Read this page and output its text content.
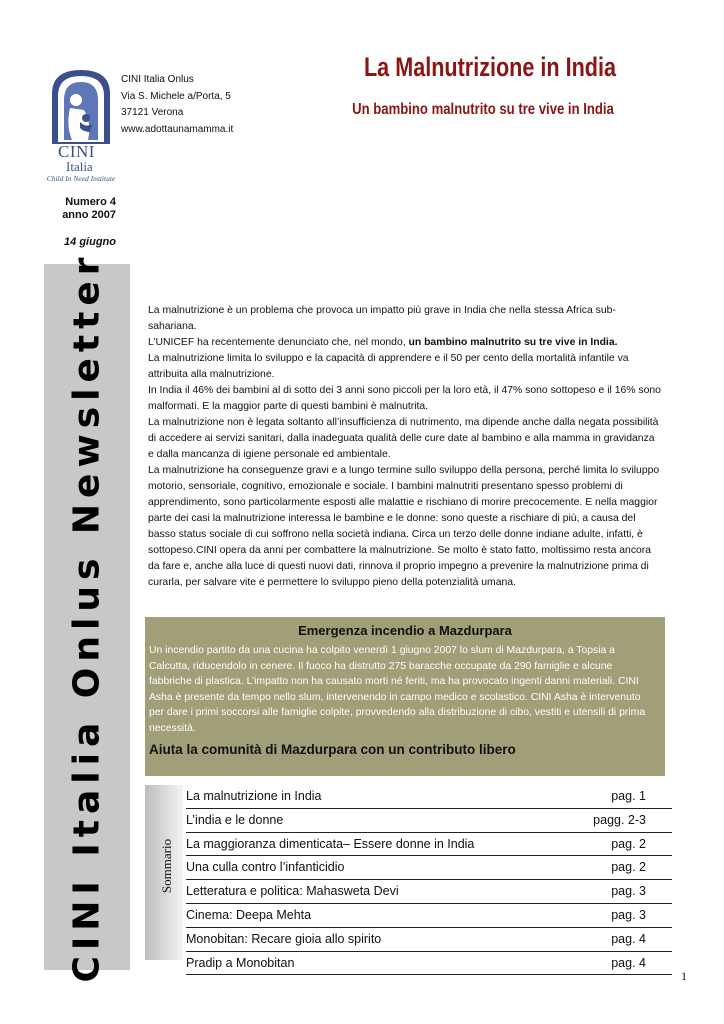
CINI
Italia
Child In Need Institute
Numero 4
anno 2007
14 giugno
CINI Italia Onlus Newsletter
CINI Italia Onlus
Via S. Michele a/Porta, 5
37121 Verona
www.adottaunamamma.it
La Malnutrizione in India
Un bambino malnutrito su tre vive in India

La malnutrizione è un problema che provoca un impatto più grave in India che nella stessa Africa sub-sahariana.

L’UNICEF ha recentemente denunciato che, nel mondo, un bambino malnutrito su tre vive in India.

La malnutrizione limita lo sviluppo e la capacità di apprendere e il 50 per cento della mortalità infantile va attribuita alla malnutrizione.

In India il 46% dei bambini al di sotto dei 3 anni sono piccoli per la loro età, il 47% sono sottopeso e il 16% sono malformati. E la maggior parte di questi bambini è malnutrita.

La malnutrizione non è legata soltanto all’insufficienza di nutrimento, ma dipende anche dalla negata possibilità di accedere ai servizi sanitari, dalla inadeguata qualità delle cure date al bambino e alla mamma in gravidanza e dalla mancanza di igiene personale ed ambientale.

La malnutrizione ha conseguenze gravi e a lungo termine sullo sviluppo della persona, perché limita lo sviluppo motorio, sensoriale, cognitivo, emozionale e sociale. I bambini malnutriti presentano spesso problemi di apprendimento, sono particolarmente esposti alle malattie e rischiano di morire precocemente. E nella maggior parte dei casi la malnutrizione interessa le bambine e le donne: sono queste a rischiare di più, a causa del basso status sociale di cui soffrono nella società indiana. Circa un terzo delle donne indiane adulte, infatti, è sottopeso.CINI opera da anni per combattere la malnutrizione. Se molto è stato fatto, moltissimo resta ancora da fare e, anche alla luce di questi nuovi dati, rinnova il proprio impegno a prevenire la malnutrizione prima di curarla, per salvare vite e permettere lo sviluppo pieno della potenzialità umana.

Emergenza incendio a Mazdurpara
Un incendio partito da una cucina ha colpito venerdì 1 giugno 2007 lo slum di Mazdurpara, a Topsia a Calcutta, riducendolo in cenere. Il fuoco ha distrutto 275 baracche occupate da 290 famiglie e alcune fabbriche di plastica. L’impatto non ha causato morti né feriti, ma ha provocato ingenti danni materiali. CINI Asha è presente da tempo nello slum, intervenendo in campo medico e scolastico. CINI Asha è intervenuto per dare i primi soccorsi alle famiglie colpite, provvedendo alla distribuzione di cibo, vestiti e utensili di prima necessità.
Aiuta la comunità di Mazdurpara con un contributo libero
Sommario
La malnutrizione in India	pag. 1
L’india e le donne	pagg. 2-3
La maggioranza dimenticata– Essere donne in India	pag. 2
Una culla contro l’infanticidio	pag. 2
Letteratura e politica: Mahasweta Devi	pag. 3
Cinema: Deepa Mehta	pag. 3
Monobitan: Recare gioia allo spirito	pag. 4
Pradip a Monobitan	pag. 4
1
